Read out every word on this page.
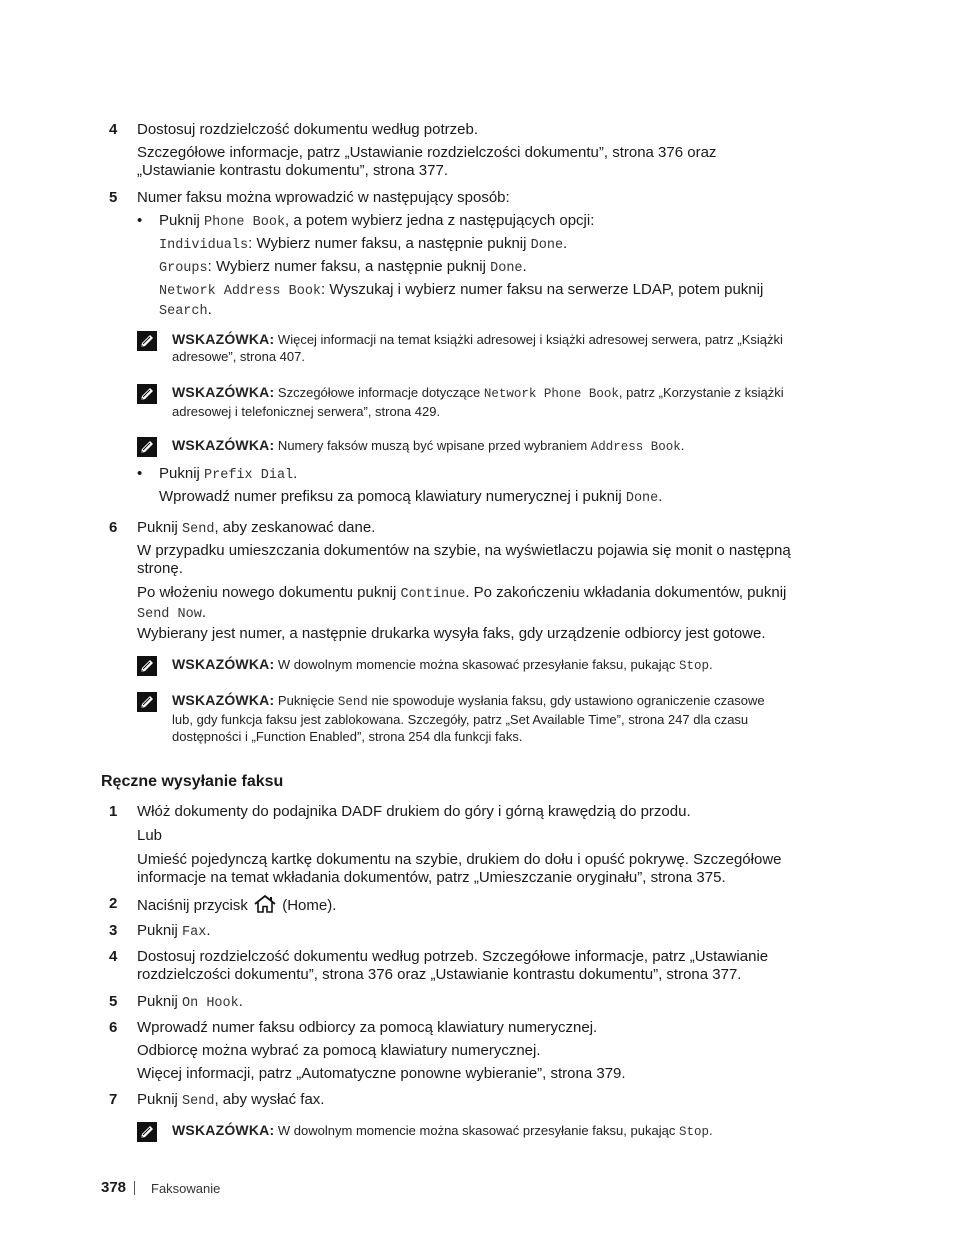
4	Dostosuj rozdzielczość dokumentu według potrzeb.
Szczegółowe informacje, patrz „Ustawianie rozdzielczości dokumentu”, strona 376 oraz
„Ustawianie kontrastu dokumentu”, strona 377.
5	Numer faksu można wprowadzić w następujący sposób:
• Puknij Phone Book, a potem wybierz jedna z następujących opcji:
Individuals: Wybierz numer faksu, a następnie puknij Done.
Groups: Wybierz numer faksu, a następnie puknij Done.
Network Address Book: Wyszukaj i wybierz numer faksu na serwerze LDAP, potem puknij
Search.
WSKAZÓWKA: Więcej informacji na temat książki adresowej i książki adresowej serwera, patrz „Książki
adresowe”, strona 407.
WSKAZÓWKA: Szczegółowe informacje dotyczące Network Phone Book, patrz „Korzystanie z książki
adresowej i telefonicznej serwera”, strona 429.
WSKAZÓWKA: Numery faksów muszą być wpisane przed wybraniem Address Book.
• Puknij Prefix Dial.
Wprowadź numer prefiksu za pomocą klawiatury numerycznej i puknij Done.
6	Puknij Send, aby zeskanować dane.
W przypadku umieszczania dokumentów na szybie, na wyświetlaczu pojawia się monit o następną
stronę.
Po włożeniu nowego dokumentu puknij Continue. Po zakończeniu wkładania dokumentów, puknij
Send Now.
Wybierany jest numer, a następnie drukarka wysyła faks, gdy urządzenie odbiorcy jest gotowe.
WSKAZÓWKA: W dowolnym momencie można skasować przesyłanie faksu, pukając Stop.
WSKAZÓWKA: Puknięcie Send nie spowoduje wysłania faksu, gdy ustawiono ograniczenie czasowe
lub, gdy funkcja faksu jest zablokowana. Szczegóły, patrz „Set Available Time”, strona 247 dla czasu
dostępności i „Function Enabled”, strona 254 dla funkcji faks.
Ręczne wysyłanie faksu
1	Włóż dokumenty do podajnika DADF drukiem do góry i górną krawędzią do przodu.
Lub
Umieść pojedynczą kartkę dokumentu na szybie, drukiem do dołu i opuść pokrywę. Szczegółowe
informacje na temat wkładania dokumentów, patrz „Umieszczanie oryginału”, strona 375.
2	Naciśnij przycisk  (Home).
3	Puknij Fax.
4	Dostosuj rozdzielczość dokumentu według potrzeb. Szczegółowe informacje, patrz „Ustawianie
rozdzielczości dokumentu”, strona 376 oraz „Ustawianie kontrastu dokumentu”, strona 377.
5	Puknij On Hook.
6	Wprowadź numer faksu odbiorcy za pomocą klawiatury numerycznej.
Odbiorcę można wybrać za pomocą klawiatury numerycznej.
Więcej informacji, patrz „Automatyczne ponowne wybieranie”, strona 379.
7	Puknij Send, aby wysłać fax.
WSKAZÓWKA: W dowolnym momencie można skasować przesyłanie faksu, pukając Stop.
378 Faksowanie
